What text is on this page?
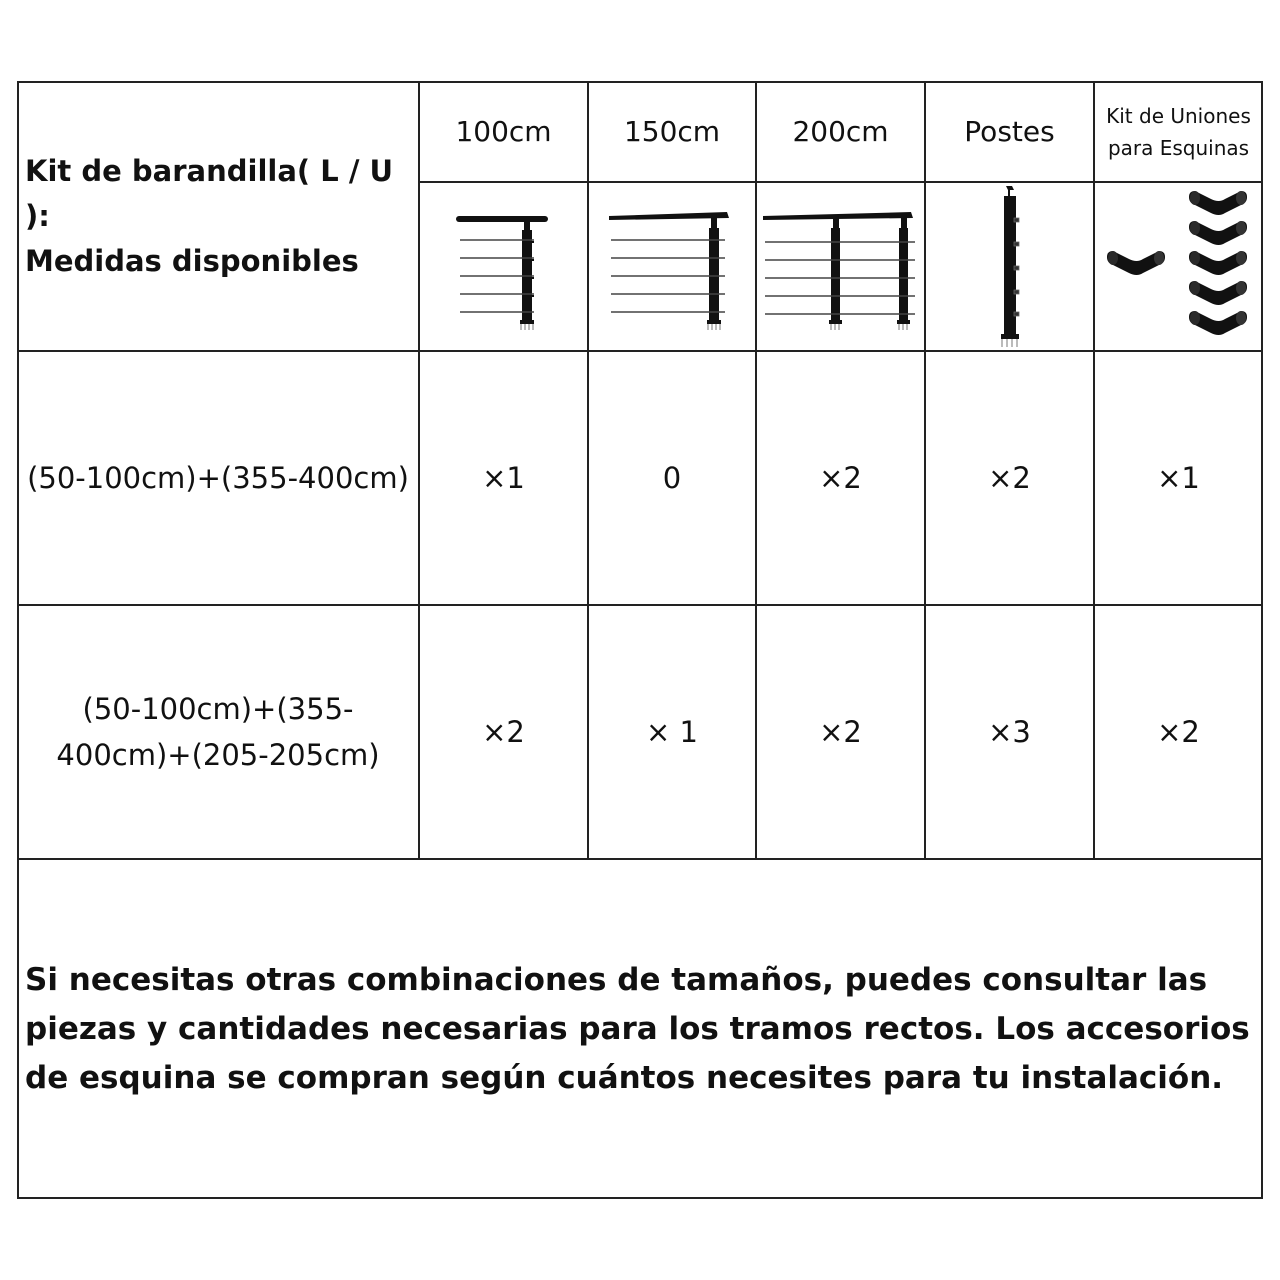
Kit de barandilla( L / U ):
Medidas disponibles
100cm	150cm	200cm	Postes	Kit de Uniones
para Esquinas
(50-100cm)+(355-400cm)	×1	0	×2	×2	×1
(50-100cm)+(355-
400cm)+(205-205cm)
×2	× 1	×2	×3	×2
Si necesitas otras combinaciones de tamaños, puedes consultar las piezas y cantidades necesarias para los tramos rectos. Los accesorios de esquina se compran según cuántos necesites para tu instalación.
